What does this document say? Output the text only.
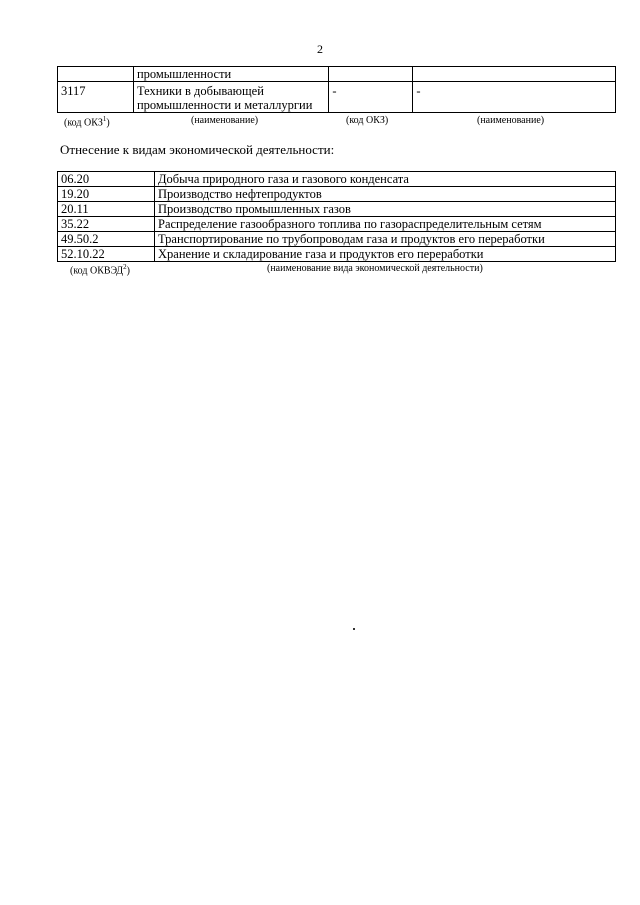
2
	промышленности		
3117	Техники в добывающей промышленности и металлургии	-	-
(код ОКЗ$^1$)	(наименование)	(код ОКЗ)	(наименование)
Отнесение к видам экономической деятельности:
06.20	Добыча природного газа и газового конденсата
19.20	Производство нефтепродуктов
20.11	Производство промышленных газов
35.22	Распределение газообразного топлива по газораспределительным сетям
49.50.2	Транспортирование по трубопроводам газа и продуктов его переработки
52.10.22	Хранение и складирование газа и продуктов его переработки
(код ОКВЭД$^2$)	(наименование вида экономической деятельности)
